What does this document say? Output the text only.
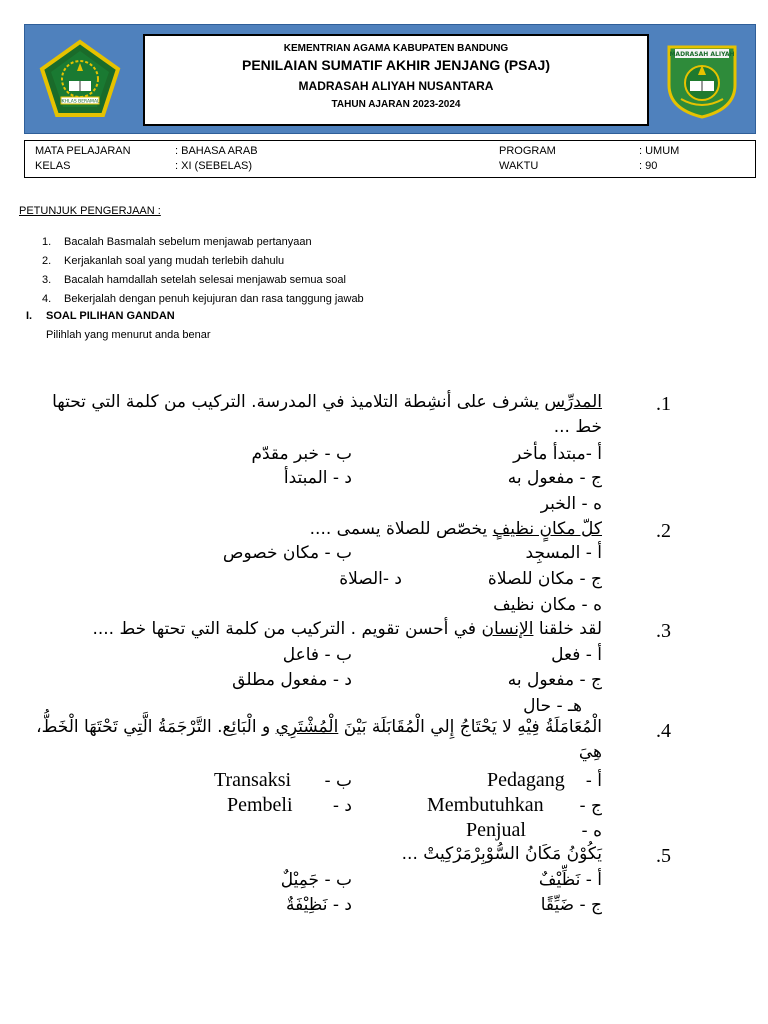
IKHLAS BERAMAL
KEMENTRIAN AGAMA KABUPATEN BANDUNG
PENILAIAN SUMATIF AKHIR JENJANG (PSAJ)
MADRASAH ALIYAH NUSANTARA
TAHUN AJARAN 2023-2024
MADRASAH ALIYAH
MATA PELAJARAN	: BAHASA ARAB	PROGRAM	: UMUM
KELAS	: XI (SEBELAS)	WAKTU	: 90
PETUNJUK PENGERJAAN :
1. Bacalah Basmalah sebelum menjawab pertanyaan
2. Kerjakanlah soal yang mudah terlebih dahulu
3. Bacalah hamdallah setelah selesai menjawab semua soal
4. Bekerjalah dengan penuh kejujuran dan rasa tanggung jawab
I. SOAL PILIHAN GANDAN
Pilihlah yang menurut anda benar
.1
المدرِّس يشرف على أنشِطة التلاميذ في المدرسة. التركيب من كلمة التي تحتها خط ...
أ -مبتدأ مأخر
ب - خبر مقدّم
ج - مفعول به
د - المبتدأ
ه - الخبر
.2
كلّ مكانٍ نظيفٍ يخصّص للصلاة يسمى ....
أ - المسجِد
ب - مكان خصوص
ج - مكان للصلاة
د -الصلاة
ه - مكان نظيف
.3
لقد خلقنا الإنسان في أحسن تقويم . التركيب من كلمة التي تحتها خط ....
أ - فعل
ب - فاعل
ج - مفعول به
د - مفعول مطلق
هـ - حال
.4
الْمُعَامَلَةُ فِيْهِ لا يَحْتَاجُ إِلي الْمُقَابَلَة بَيْنَ الْمُشْتَرِي و الْبَائِع. التَّرْجَمَةُ الَّتِي تَحْتَهَا الْخَطُّ، هِيَ
أ -
Pedagang
ب -
Transaksi
ج -
Membutuhkan
د -
Pembeli
ه -
Penjual
.5
يَكُوْنُ مَكَانُ السُّوْبِرْمَرْكِيتْ ...
أ - نَظِّيْفٌ
ب - جَمِيْلٌ
ج - ضَيِّقًا
د - نَظِيْفَةٌ
